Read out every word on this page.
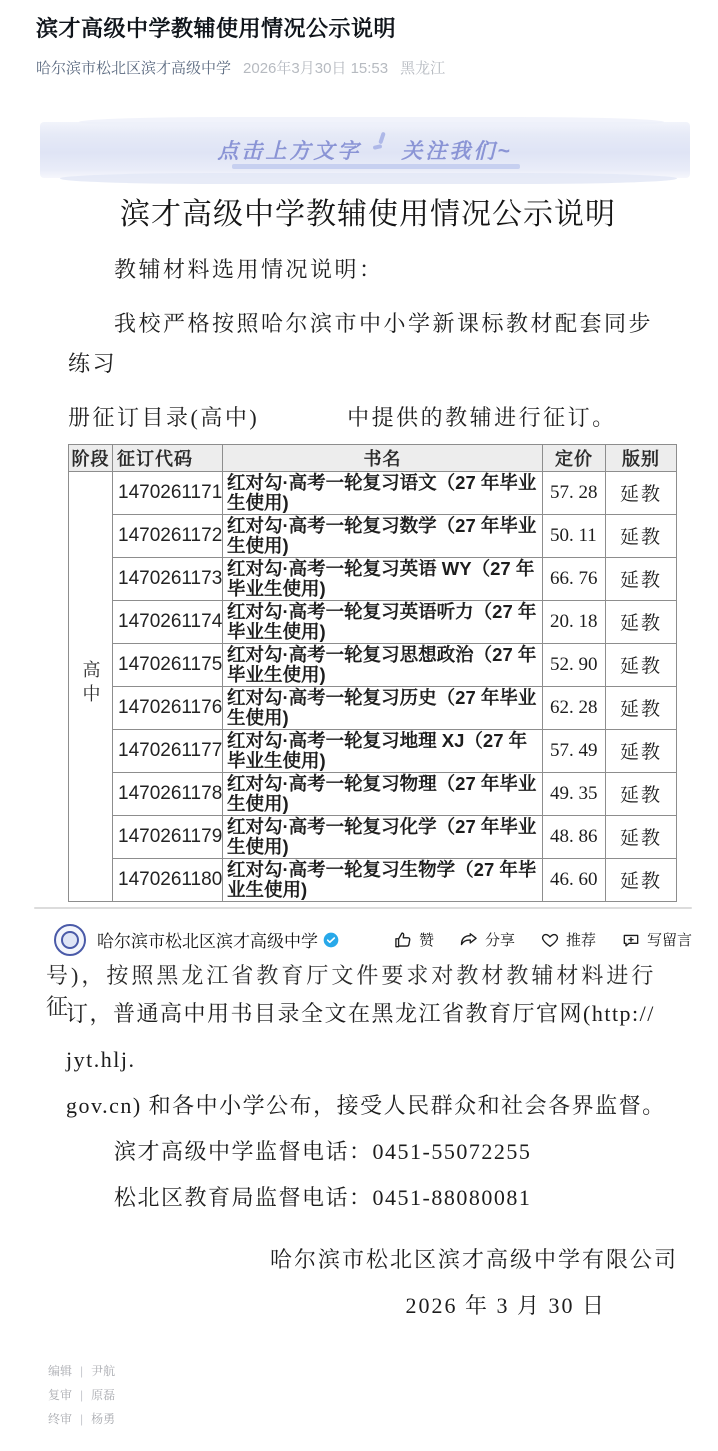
滨才高级中学教辅使用情况公示说明
哈尔滨市松北区滨才高级中学 2026年3月30日 15:53 黑龙江
点击上方文字 关注我们~
滨才高级中学教辅使用情况公示说明

教辅材料选用情况说明：

我校严格按照哈尔滨市中小学新课标教材配套同步练习

册征订目录(高中)	中提供的教辅进行征订。

阶段	征订代码	书名	定价	版别
高中	1470261171	红对勾·高考一轮复习语文（27 年毕业生使用)	57. 28	延教
	1470261172	红对勾·高考一轮复习数学（27 年毕业生使用)	50. 11	延教
	1470261173	红对勾·高考一轮复习英语 WY（27 年毕业生使用)	66. 76	延教
	1470261174	红对勾·高考一轮复习英语听力（27 年毕业生使用)	20. 18	延教
	1470261175	红对勾·高考一轮复习思想政治（27 年毕业生使用)	52. 90	延教
	1470261176	红对勾·高考一轮复习历史（27 年毕业生使用)	62. 28	延教
	1470261177	红对勾·高考一轮复习地理 XJ（27 年毕业生使用)	57. 49	延教
	1470261178	红对勾·高考一轮复习物理（27 年毕业生使用)	49. 35	延教
	1470261179	红对勾·高考一轮复习化学（27 年毕业生使用)	48. 86	延教
	1470261180	红对勾·高考一轮复习生物学（27 年毕业生使用)	46. 60	延教
哈尔滨市松北区滨才高级中学	赞	分享	推荐	写留言
号)，按照黑龙江省教育厅文件要求对教材教辅材料进行征

订，普通高中用书目录全文在黑龙江省教育厅官网(http:// jyt.hlj.

gov.cn) 和各中小学公布，接受人民群众和社会各界监督。

滨才高级中学监督电话：0451-55072255

松北区教育局监督电话：0451-88080081

哈尔滨市松北区滨才高级中学有限公司

2026 年 3 月 30 日

编辑 | 尹航
复审 | 原磊
终审 | 杨勇
